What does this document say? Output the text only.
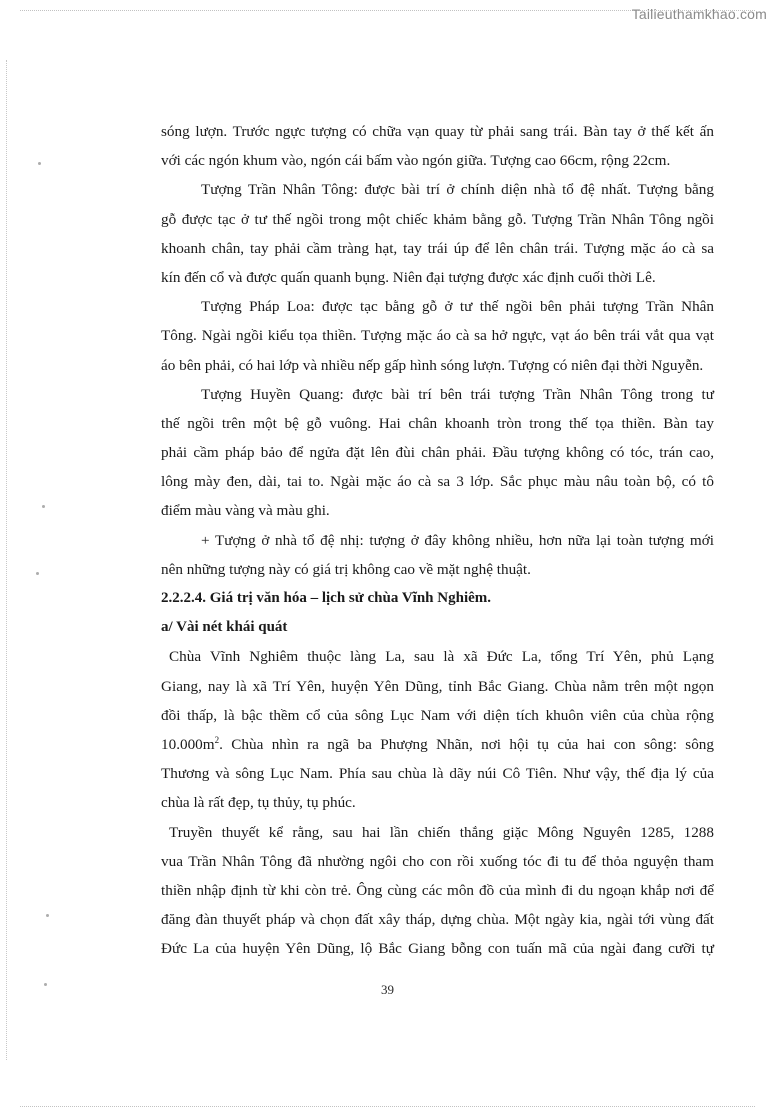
Tailieuthamkhao.com
sóng lượn. Trước ngực tượng có chữa vạn quay từ phải sang trái. Bàn tay ở thế kết ấn
với các ngón khum vào, ngón cái bấm vào ngón giữa. Tượng cao 66cm, rộng 22cm.
Tượng Trần Nhân Tông: được bài trí ở chính diện nhà tổ đệ nhất. Tượng bằng
gỗ được tạc ở tư thế ngồi trong một chiếc khảm bằng gỗ. Tượng Trần Nhân Tông ngồi
khoanh chân, tay phải cầm tràng hạt, tay trái úp để lên chân trái. Tượng mặc áo cà sa
kín đến cổ và được quấn quanh bụng. Niên đại tượng được xác định cuối thời Lê.
Tượng Pháp Loa: được tạc bằng gỗ ở tư thế ngồi bên phải tượng Trần Nhân
Tông. Ngài ngồi kiểu tọa thiền. Tượng mặc áo cà sa hở ngực, vạt áo bên trái vắt qua vạt
áo bên phải, có hai lớp và nhiều nếp gấp hình sóng lượn. Tượng có niên đại thời Nguyễn.
Tượng Huyền Quang: được bài trí bên trái tượng Trần Nhân Tông trong tư
thế ngồi trên một bệ gỗ vuông. Hai chân khoanh tròn trong thế tọa thiền. Bàn tay
phải cầm pháp bảo để ngửa đặt lên đùi chân phải. Đầu tượng không có tóc, trán cao,
lông mày đen, dài, tai to. Ngài mặc áo cà sa 3 lớp. Sắc phục màu nâu toàn bộ, có tô
điểm màu vàng và màu ghi.
+ Tượng ở nhà tổ đệ nhị: tượng ở đây không nhiều, hơn nữa lại toàn tượng mới
nên những tượng này có giá trị không cao về mặt nghệ thuật.
2.2.2.4. Giá trị văn hóa – lịch sử chùa Vĩnh Nghiêm.
a/ Vài nét khái quát
Chùa Vĩnh Nghiêm thuộc làng La, sau là xã Đức La, tổng Trí Yên, phủ Lạng
Giang, nay là xã Trí Yên, huyện Yên Dũng, tỉnh Bắc Giang. Chùa nằm trên một ngọn
đồi thấp, là bậc thềm cổ của sông Lục Nam với diện tích khuôn viên của chùa rộng
$10.000m^2$. Chùa nhìn ra ngã ba Phượng Nhãn, nơi hội tụ của hai con sông: sông
Thương và sông Lục Nam. Phía sau chùa là dãy núi Cô Tiên. Như vậy, thế địa lý của
chùa là rất đẹp, tụ thủy, tụ phúc.
Truyền thuyết kể rằng, sau hai lần chiến thắng giặc Mông Nguyên 1285, 1288
vua Trần Nhân Tông đã nhường ngôi cho con rồi xuống tóc đi tu để thỏa nguyện tham
thiền nhập định từ khi còn trẻ. Ông cùng các môn đồ của mình đi du ngoạn khắp nơi để
đăng đàn thuyết pháp và chọn đất xây tháp, dựng chùa. Một ngày kia, ngài tới vùng đất
Đức La của huyện Yên Dũng, lộ Bắc Giang bỗng con tuấn mã của ngài đang cưỡi tự
39
